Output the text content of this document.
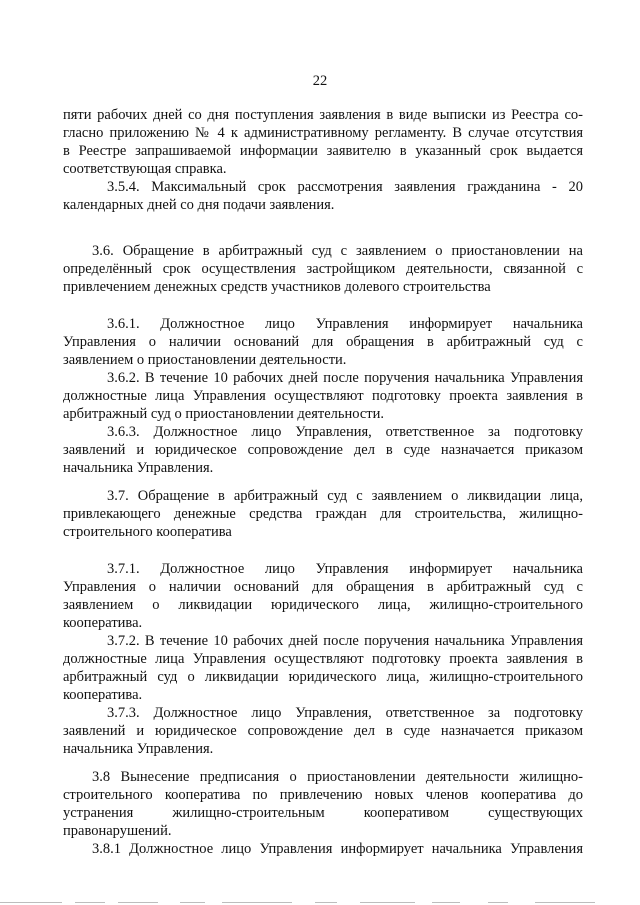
22
пяти рабочих дней со дня поступления заявления в виде выписки из Реестра со-
гласно приложению № 4 к административному регламенту. В случае отсутствия
в Реестре запрашиваемой информации заявителю в указанный срок выдается
соответствующая справка.
3.5.4. Максимальный срок рассмотрения заявления гражданина - 20
календарных дней со дня подачи заявления.
3.6. Обращение в арбитражный суд с заявлением о приостановлении на
определённый срок осуществления застройщиком деятельности, связанной с
привлечением денежных средств участников долевого строительства
3.6.1. Должностное лицо Управления информирует начальника
Управления о наличии оснований для обращения в арбитражный суд с
заявлением о приостановлении деятельности.
3.6.2. В течение 10 рабочих дней после поручения начальника Управления
должностные лица Управления осуществляют подготовку проекта заявления в
арбитражный суд о приостановлении деятельности.
3.6.3. Должностное лицо Управления, ответственное за подготовку
заявлений и юридическое сопровождение дел в суде назначается приказом
начальника Управления.
3.7. Обращение в арбитражный суд с заявлением о ликвидации лица,
привлекающего денежные средства граждан для строительства, жилищно-
строительного кооператива
3.7.1. Должностное лицо Управления информирует начальника
Управления о наличии оснований для обращения в арбитражный суд с
заявлением о ликвидации юридического лица, жилищно-строительного
кооператива.
3.7.2. В течение 10 рабочих дней после поручения начальника Управления
должностные лица Управления осуществляют подготовку проекта заявления в
арбитражный суд о ликвидации юридического лица, жилищно-строительного
кооператива.
3.7.3. Должностное лицо Управления, ответственное за подготовку
заявлений и юридическое сопровождение дел в суде назначается приказом
начальника Управления.
3.8 Вынесение предписания о приостановлении деятельности жилищно-
строительного кооператива по привлечению новых членов кооператива до
устранения жилищно-строительным кооперативом существующих
правонарушений.
3.8.1 Должностное лицо Управления информирует начальника Управления
